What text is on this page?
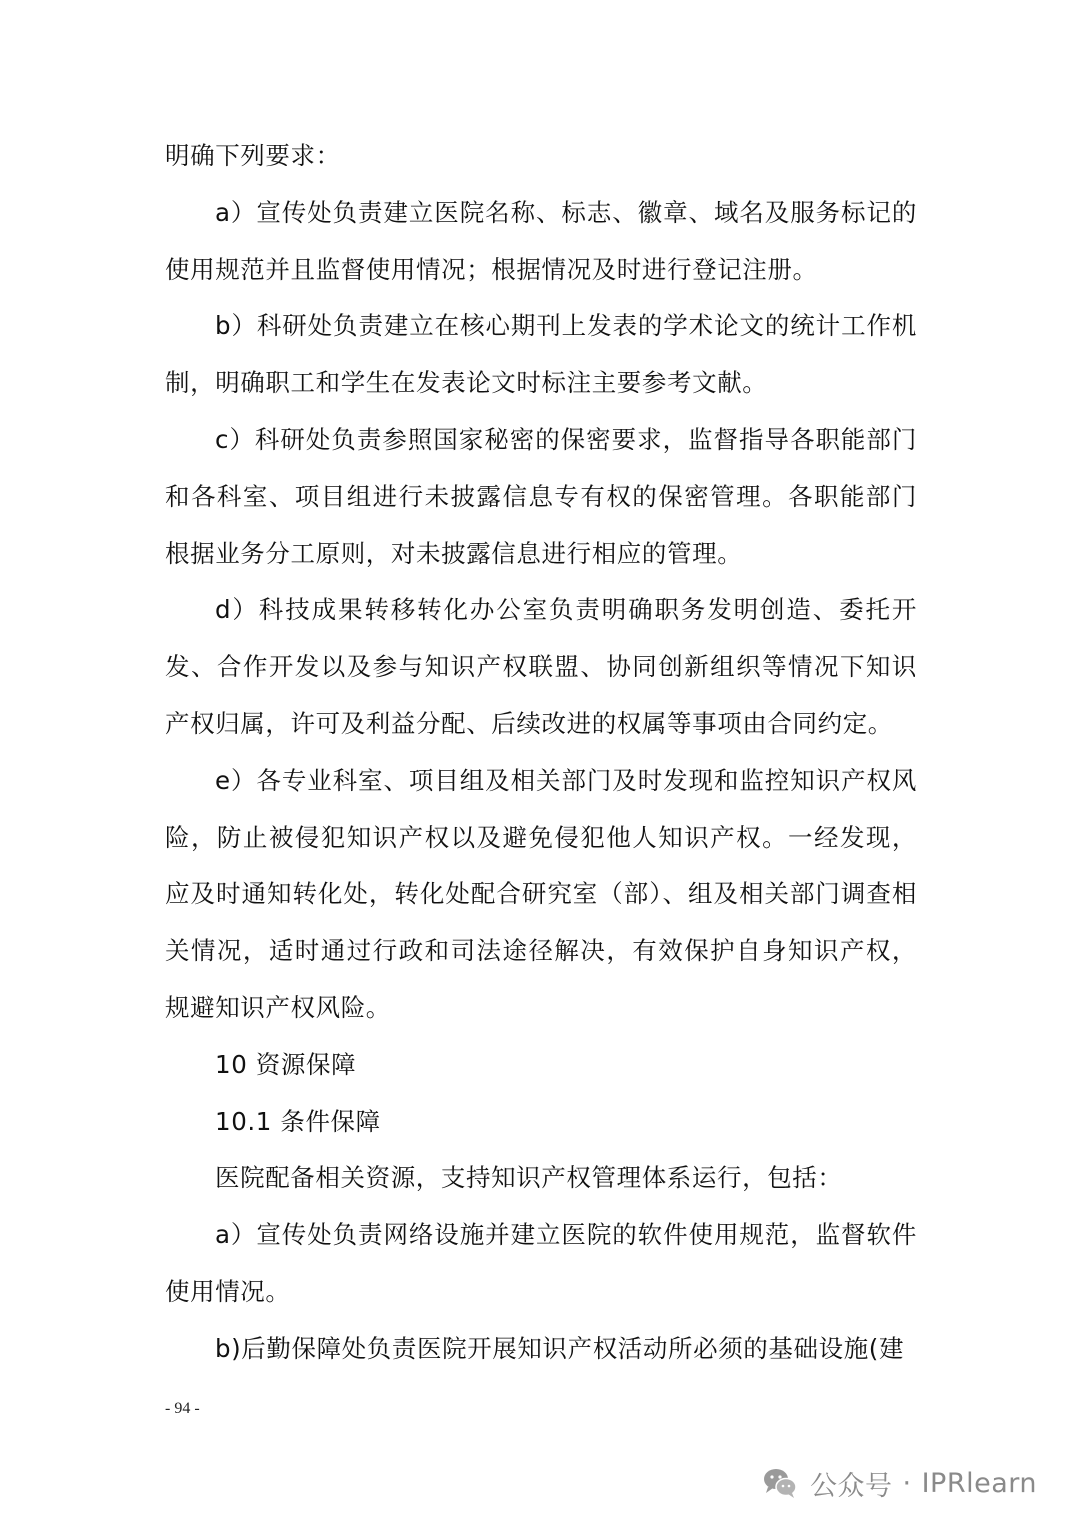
明确下列要求：

a）宣传处负责建立医院名称、标志、徽章、域名及服务标记的使用规范并且监督使用情况；根据情况及时进行登记注册。

b）科研处负责建立在核心期刊上发表的学术论文的统计工作机制，明确职工和学生在发表论文时标注主要参考文献。

c）科研处负责参照国家秘密的保密要求，监督指导各职能部门和各科室、项目组进行未披露信息专有权的保密管理。各职能部门根据业务分工原则，对未披露信息进行相应的管理。

d）科技成果转移转化办公室负责明确职务发明创造、委托开发、合作开发以及参与知识产权联盟、协同创新组织等情况下知识产权归属，许可及利益分配、后续改进的权属等事项由合同约定。

e）各专业科室、项目组及相关部门及时发现和监控知识产权风险，防止被侵犯知识产权以及避免侵犯他人知识产权。一经发现，应及时通知转化处，转化处配合研究室（部）、组及相关部门调查相关情况，适时通过行政和司法途径解决，有效保护自身知识产权，规避知识产权风险。

10 资源保障

10.1 条件保障

医院配备相关资源，支持知识产权管理体系运行，包括：

a）宣传处负责网络设施并建立医院的软件使用规范，监督软件使用情况。

b)后勤保障处负责医院开展知识产权活动所必须的基础设施(建

- 94 -
公众号 · IPRlearn
